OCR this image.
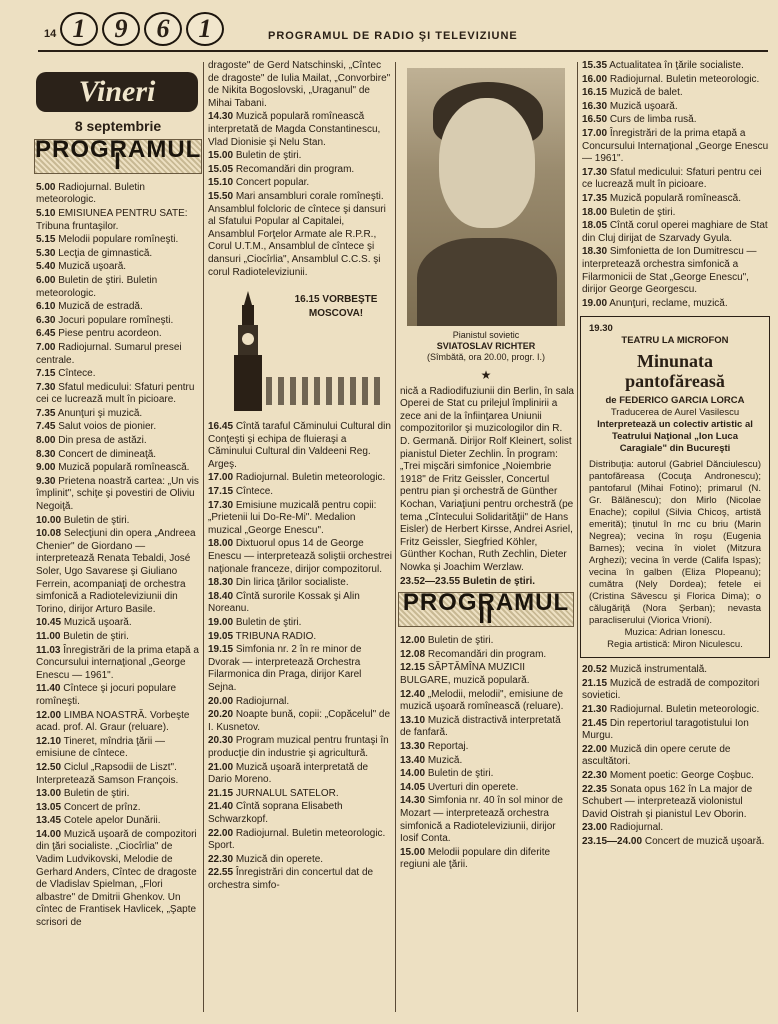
14 1	9	6	1	PROGRAMUL DE RADIO ŞI TELEVIZIUNE
Vineri
8 septembrie
PROGRAMUL I
5.00 Radiojurnal. Buletin meteorologic.
5.10 EMISIUNEA PENTRU SATE: Tribuna fruntaşilor.
5.15 Melodii populare romîneşti.
5.30 Lecţia de gimnastică.
5.40 Muzică uşoară.
6.00 Buletin de ştiri. Buletin meteorologic.
6.10 Muzică de estradă.
6.30 Jocuri populare romîneşti.
6.45 Piese pentru acordeon.
7.00 Radiojurnal. Sumarul presei centrale.
7.15 Cîntece.
7.30 Sfatul medicului: Sfaturi pentru cei ce lucrează mult în picioare.
7.35 Anunţuri şi muzică.
7.45 Salut voios de pionier.
8.00 Din presa de astăzi.
8.30 Concert de dimineaţă.
9.00 Muzică populară romînească.
9.30 Prietena noastră cartea: „Un vis împlinit", schiţe şi povestiri de Oliviu Negoiţă.
10.00 Buletin de ştiri.
10.08 Selecţiuni din opera „Andreea Chenier" de Giordano — interpretează Renata Tebaldi, José Soler, Ugo Savarese şi Giuliano Ferrein, acompaniaţi de orchestra simfonică a Radioteleviziunii din Torino, dirijor Arturo Basile.
10.45 Muzică uşoară.
11.00 Buletin de ştiri.
11.03 Înregistrări de la prima etapă a Concursului internaţional „George Enescu — 1961".
11.40 Cîntece şi jocuri populare romîneşti.
12.00 LIMBA NOASTRĂ. Vorbeşte acad. prof. Al. Graur (reluare).
12.10 Tineret, mîndria ţării — emisiune de cîntece.
12.50 Ciclul „Rapsodii de Liszt". Interpretează Samson François.
13.00 Buletin de ştiri.
13.05 Concert de prînz.
13.45 Cotele apelor Dunării.
14.00 Muzică uşoară de compozitori din ţări socialiste. „Ciocîrlia" de Vadim Ludvikovski, Melodie de Gerhard Anders, Cîntec de dragoste de Vladislav Spielman, „Flori albastre" de Dmitrii Ghenkov. Un cîntec de Frantisek Havlicek, „Şapte scrisori de
dragoste" de Gerd Natschinski, „Cîntec de dragoste" de Iulia Mailat, „Convorbire" de Nikita Bogoslovski, „Uraganul" de Mihai Tabani.
14.30 Muzică populară romînească interpretată de Magda Constantinescu, Vlad Dionisie şi Nelu Stan.
15.00 Buletin de ştiri.
15.05 Recomandări din program.
15.10 Concert popular.
15.50 Mari ansambluri corale romîneşti. Ansamblul folcloric de cîntece şi dansuri al Sfatului Popular al Capitalei, Ansamblul Forţelor Armate ale R.P.R., Corul U.T.M., Ansamblul de cîntece şi dansuri „Ciocîrlia", Ansamblul C.C.S. şi corul Radioteleviziunii.
16.15 VORBEŞTE MOSCOVA!
16.45 Cîntă taraful Căminului Cultural din Conţeşti şi echipa de fluieraşi a Căminului Cultural din Valdeeni Reg. Argeş.
17.00 Radiojurnal. Buletin meteorologic.
17.15 Cîntece.
17.30 Emisiune muzicală pentru copii: „Prietenii lui Do-Re-Mi". Medalion muzical „George Enescu".
18.00 Dixtuorul opus 14 de George Enescu — interpretează soliştii orchestrei naţionale franceze, dirijor compozitorul.
18.30 Din lirica ţărilor socialiste.
18.40 Cîntă surorile Kossak şi Alin Noreanu.
19.00 Buletin de ştiri.
19.05 TRIBUNA RADIO.
19.15 Simfonia nr. 2 în re minor de Dvorak — interpretează Orchestra Filarmonica din Praga, dirijor Karel Sejna.
20.00 Radiojurnal.
20.20 Noapte bună, copii: „Copăcelul" de I. Kusnetov.
20.30 Program muzical pentru fruntaşi în producţie din industrie şi agricultură.
21.00 Muzică uşoară interpretată de Dario Moreno.
21.15 JURNALUL SATELOR.
21.40 Cîntă soprana Elisabeth Schwarzkopf.
22.00 Radiojurnal. Buletin meteorologic. Sport.
22.30 Muzică din operete.
22.55 Înregistrări din concertul dat de orchestra simfo-
Pianistul sovietic
SVIATOSLAV RICHTER
(Sîmbătă, ora 20.00, progr. I.)
★
nică a Radiodifuziunii din Berlin, în sala Operei de Stat cu prilejul împlinirii a zece ani de la înfiinţarea Uniunii compozitorilor şi muzicologilor din R. D. Germană. Dirijor Rolf Kleinert, solist pianistul Dieter Zechlin. În program: „Trei mişcări simfonice „Noiembrie 1918" de Fritz Geissler, Concertul pentru pian şi orchestră de Günther Kochan, Variaţiuni pentru orchestră (pe tema „Cîntecului Solidarităţii" de Hans Eisler) de Herbert Kirsse, Andrei Asriel, Fritz Geissler, Siegfried Köhler, Günther Kochan, Ruth Zechlin, Dieter Nowka şi Joachim Werzlaw.
23.52—23.55 Buletin de ştiri.
PROGRAMUL II
12.00 Buletin de ştiri.
12.08 Recomandări din program.
12.15 SĂPTĂMÎNA MUZICII BULGARE, muzică populară.
12.40 „Melodii, melodii", emisiune de muzică uşoară romînească (reluare).
13.10 Muzică distractivă interpretată de fanfară.
13.30 Reportaj.
13.40 Muzică.
14.00 Buletin de ştiri.
14.05 Uverturi din operete.
14.30 Simfonia nr. 40 în sol minor de Mozart — interpretează orchestra simfonică a Radioteleviziunii, dirijor Iosif Conta.
15.00 Melodii populare din diferite regiuni ale ţării.
15.35 Actualitatea în ţările socialiste.
16.00 Radiojurnal. Buletin meteorologic.
16.15 Muzică de balet.
16.30 Muzică uşoară.
16.50 Curs de limba rusă.
17.00 Înregistrări de la prima etapă a Concursului Internaţional „George Enescu — 1961".
17.30 Sfatul medicului: Sfaturi pentru cei ce lucrează mult în picioare.
17.35 Muzică populară romînească.
18.00 Buletin de ştiri.
18.05 Cîntă corul operei maghiare de Stat din Cluj dirijat de Szarvady Gyula.
18.30 Simfonietta de Ion Dumitrescu — interpretează orchestra simfonică a Filarmonicii de Stat „George Enescu", dirijor George Georgescu.
19.00 Anunţuri, reclame, muzică.
19.30
TEATRU LA MICROFON
Minunata pantofăreasă
de FEDERICO GARCIA LORCA
Traducerea de Aurel Vasilescu
Interpretează un colectiv artistic al Teatrului Naţional „Ion Luca Caragiale" din Bucureşti
Distribuţia: autorul (Gabriel Dănciulescu) pantofăreasa (Cocuţa Andronescu); pantofarul (Mihai Fotino); primarul (N. Gr. Bălănescu); don Mirlo (Nicolae Enache); copilul (Silvia Chicoş, artistă emerită); ținutul în rnc cu briu (Marin Negrea); vecina în roşu (Eugenia Barnes); vecina în violet (Mitzura Arghezi); vecina în verde (Califa Ispas); vecina în galben (Eliza Plopeanu); cumătra (Nely Dordea); fetele ei (Cristina Săvescu şi Florica Dima); o călugăriţă (Nora Şerban); nevasta paracliserului (Viorica Vrioni).
Muzica: Adrian Ionescu.
Regia artistică: Miron Niculescu.
20.52 Muzică instrumentală.
21.15 Muzică de estradă de compozitori sovietici.
21.30 Radiojurnal. Buletin meteorologic.
21.45 Din repertoriul taragotistului Ion Murgu.
22.00 Muzică din opere cerute de ascultători.
22.30 Moment poetic: George Coşbuc.
22.35 Sonata opus 162 în La major de Schubert — interpretează violonistul David Oistrah şi pianistul Lev Oborin.
23.00 Radiojurnal.
23.15—24.00 Concert de muzică uşoară.
